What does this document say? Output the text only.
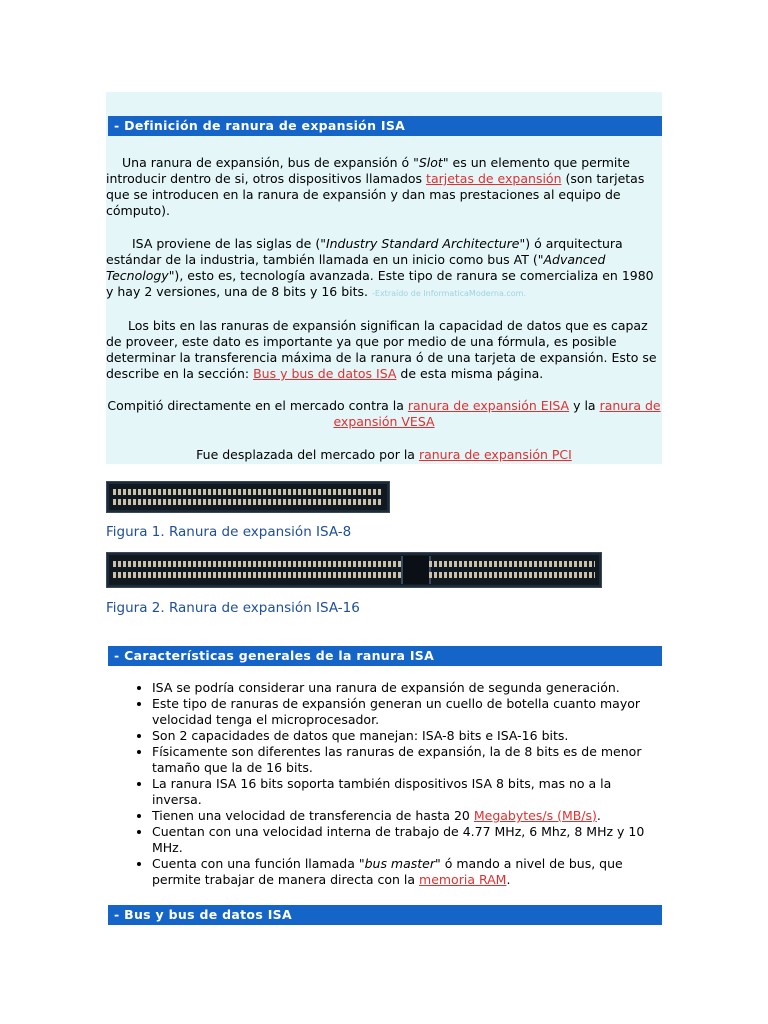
- Definición de ranura de expansión ISA

Una ranura de expansión, bus de expansión ó "Slot" es un elemento que permite introducir dentro de si, otros dispositivos llamados tarjetas de expansión (son tarjetas que se introducen en la ranura de expansión y dan mas prestaciones al equipo de cómputo).

ISA proviene de las siglas de ("Industry Standard Architecture") ó arquitectura estándar de la industria, también llamada en un inicio como bus AT ("Advanced Tecnology"), esto es, tecnología avanzada. Este tipo de ranura se comercializa en 1980 y hay 2 versiones, una de 8 bits y 16 bits. -Extraído de InformaticaModerna.com.

Los bits en las ranuras de expansión significan la capacidad de datos que es capaz de proveer, este dato es importante ya que por medio de una fórmula, es posible determinar la transferencia máxima de la ranura ó de una tarjeta de expansión. Esto se describe en la sección: Bus y bus de datos ISA de esta misma página.

Compitió directamente en el mercado contra la ranura de expansión EISA y la ranura de expansión VESA

Fue desplazada del mercado por la ranura de expansión PCI

Figura 1. Ranura de expansión ISA-8
Figura 2. Ranura de expansión ISA-16
- Características generales de la ranura ISA
• ISA se podría considerar una ranura de expansión de segunda generación.
• Este tipo de ranuras de expansión generan un cuello de botella cuanto mayor velocidad tenga el microprocesador.
• Son 2 capacidades de datos que manejan: ISA-8 bits e ISA-16 bits.
• Físicamente son diferentes las ranuras de expansión, la de 8 bits es de menor tamaño que la de 16 bits.
• La ranura ISA 16 bits soporta también dispositivos ISA 8 bits, mas no a la inversa.
• Tienen una velocidad de transferencia de hasta 20 Megabytes/s (MB/s).
• Cuentan con una velocidad interna de trabajo de 4.77 MHz, 6 Mhz, 8 MHz y 10 MHz.
• Cuenta con una función llamada "bus master" ó mando a nivel de bus, que permite trabajar de manera directa con la memoria RAM.
- Bus y bus de datos ISA
